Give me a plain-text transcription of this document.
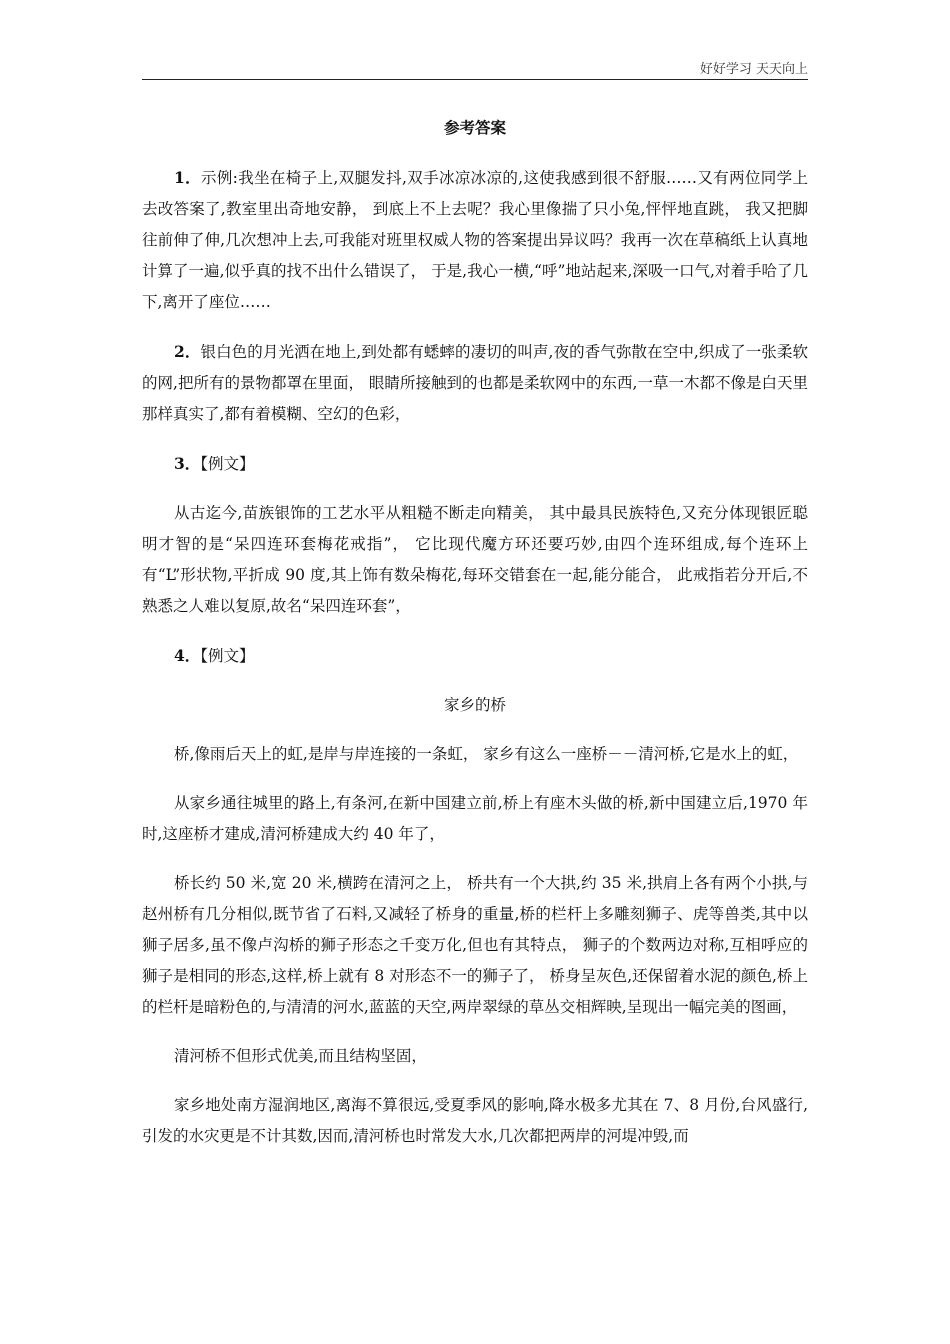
好好学习 天天向上
参考答案

1．示例:我坐在椅子上,双腿发抖,双手冰凉冰凉的,这使我感到很不舒服……又有两位同学上去改答案了,教室里出奇地安静， 到底上不上去呢？我心里像揣了只小兔,怦怦地直跳， 我又把脚往前伸了伸,几次想冲上去,可我能对班里权威人物的答案提出异议吗？我再一次在草稿纸上认真地计算了一遍,似乎真的找不出什么错误了， 于是,我心一横,“呼”地站起来,深吸一口气,对着手哈了几下,离开了座位……

2．银白色的月光洒在地上,到处都有蟋蟀的凄切的叫声,夜的香气弥散在空中,织成了一张柔软的网,把所有的景物都罩在里面， 眼睛所接触到的也都是柔软网中的东西,一草一木都不像是白天里那样真实了,都有着模糊、空幻的色彩，

3．【例文】

从古迄今,苗族银饰的工艺水平从粗糙不断走向精美， 其中最具民族特色,又充分体现银匠聪明才智的是“呆四连环套梅花戒指”， 它比现代魔方环还要巧妙,由四个连环组成,每个连环上有“L”形状物,平折成 90 度,其上饰有数朵梅花,每环交错套在一起,能分能合， 此戒指若分开后,不熟悉之人难以复原,故名“呆四连环套”，

4．【例文】

家乡的桥

桥,像雨后天上的虹,是岸与岸连接的一条虹， 家乡有这么一座桥－－清河桥,它是水上的虹，

从家乡通往城里的路上,有条河,在新中国建立前,桥上有座木头做的桥,新中国建立后,1970 年时,这座桥才建成,清河桥建成大约 40 年了，

桥长约 50 米,宽 20 米,横跨在清河之上， 桥共有一个大拱,约 35 米,拱肩上各有两个小拱,与赵州桥有几分相似,既节省了石料,又减轻了桥身的重量,桥的栏杆上多雕刻狮子、虎等兽类,其中以狮子居多,虽不像卢沟桥的狮子形态之千变万化,但也有其特点， 狮子的个数两边对称,互相呼应的狮子是相同的形态,这样,桥上就有 8 对形态不一的狮子了， 桥身呈灰色,还保留着水泥的颜色,桥上的栏杆是暗粉色的,与清清的河水,蓝蓝的天空,两岸翠绿的草丛交相辉映,呈现出一幅完美的图画，

清河桥不但形式优美,而且结构坚固，

家乡地处南方湿润地区,离海不算很远,受夏季风的影响,降水极多尤其在 7、8 月份,台风盛行,引发的水灾更是不计其数,因而,清河桥也时常发大水,几次都把两岸的河堤冲毁,而
